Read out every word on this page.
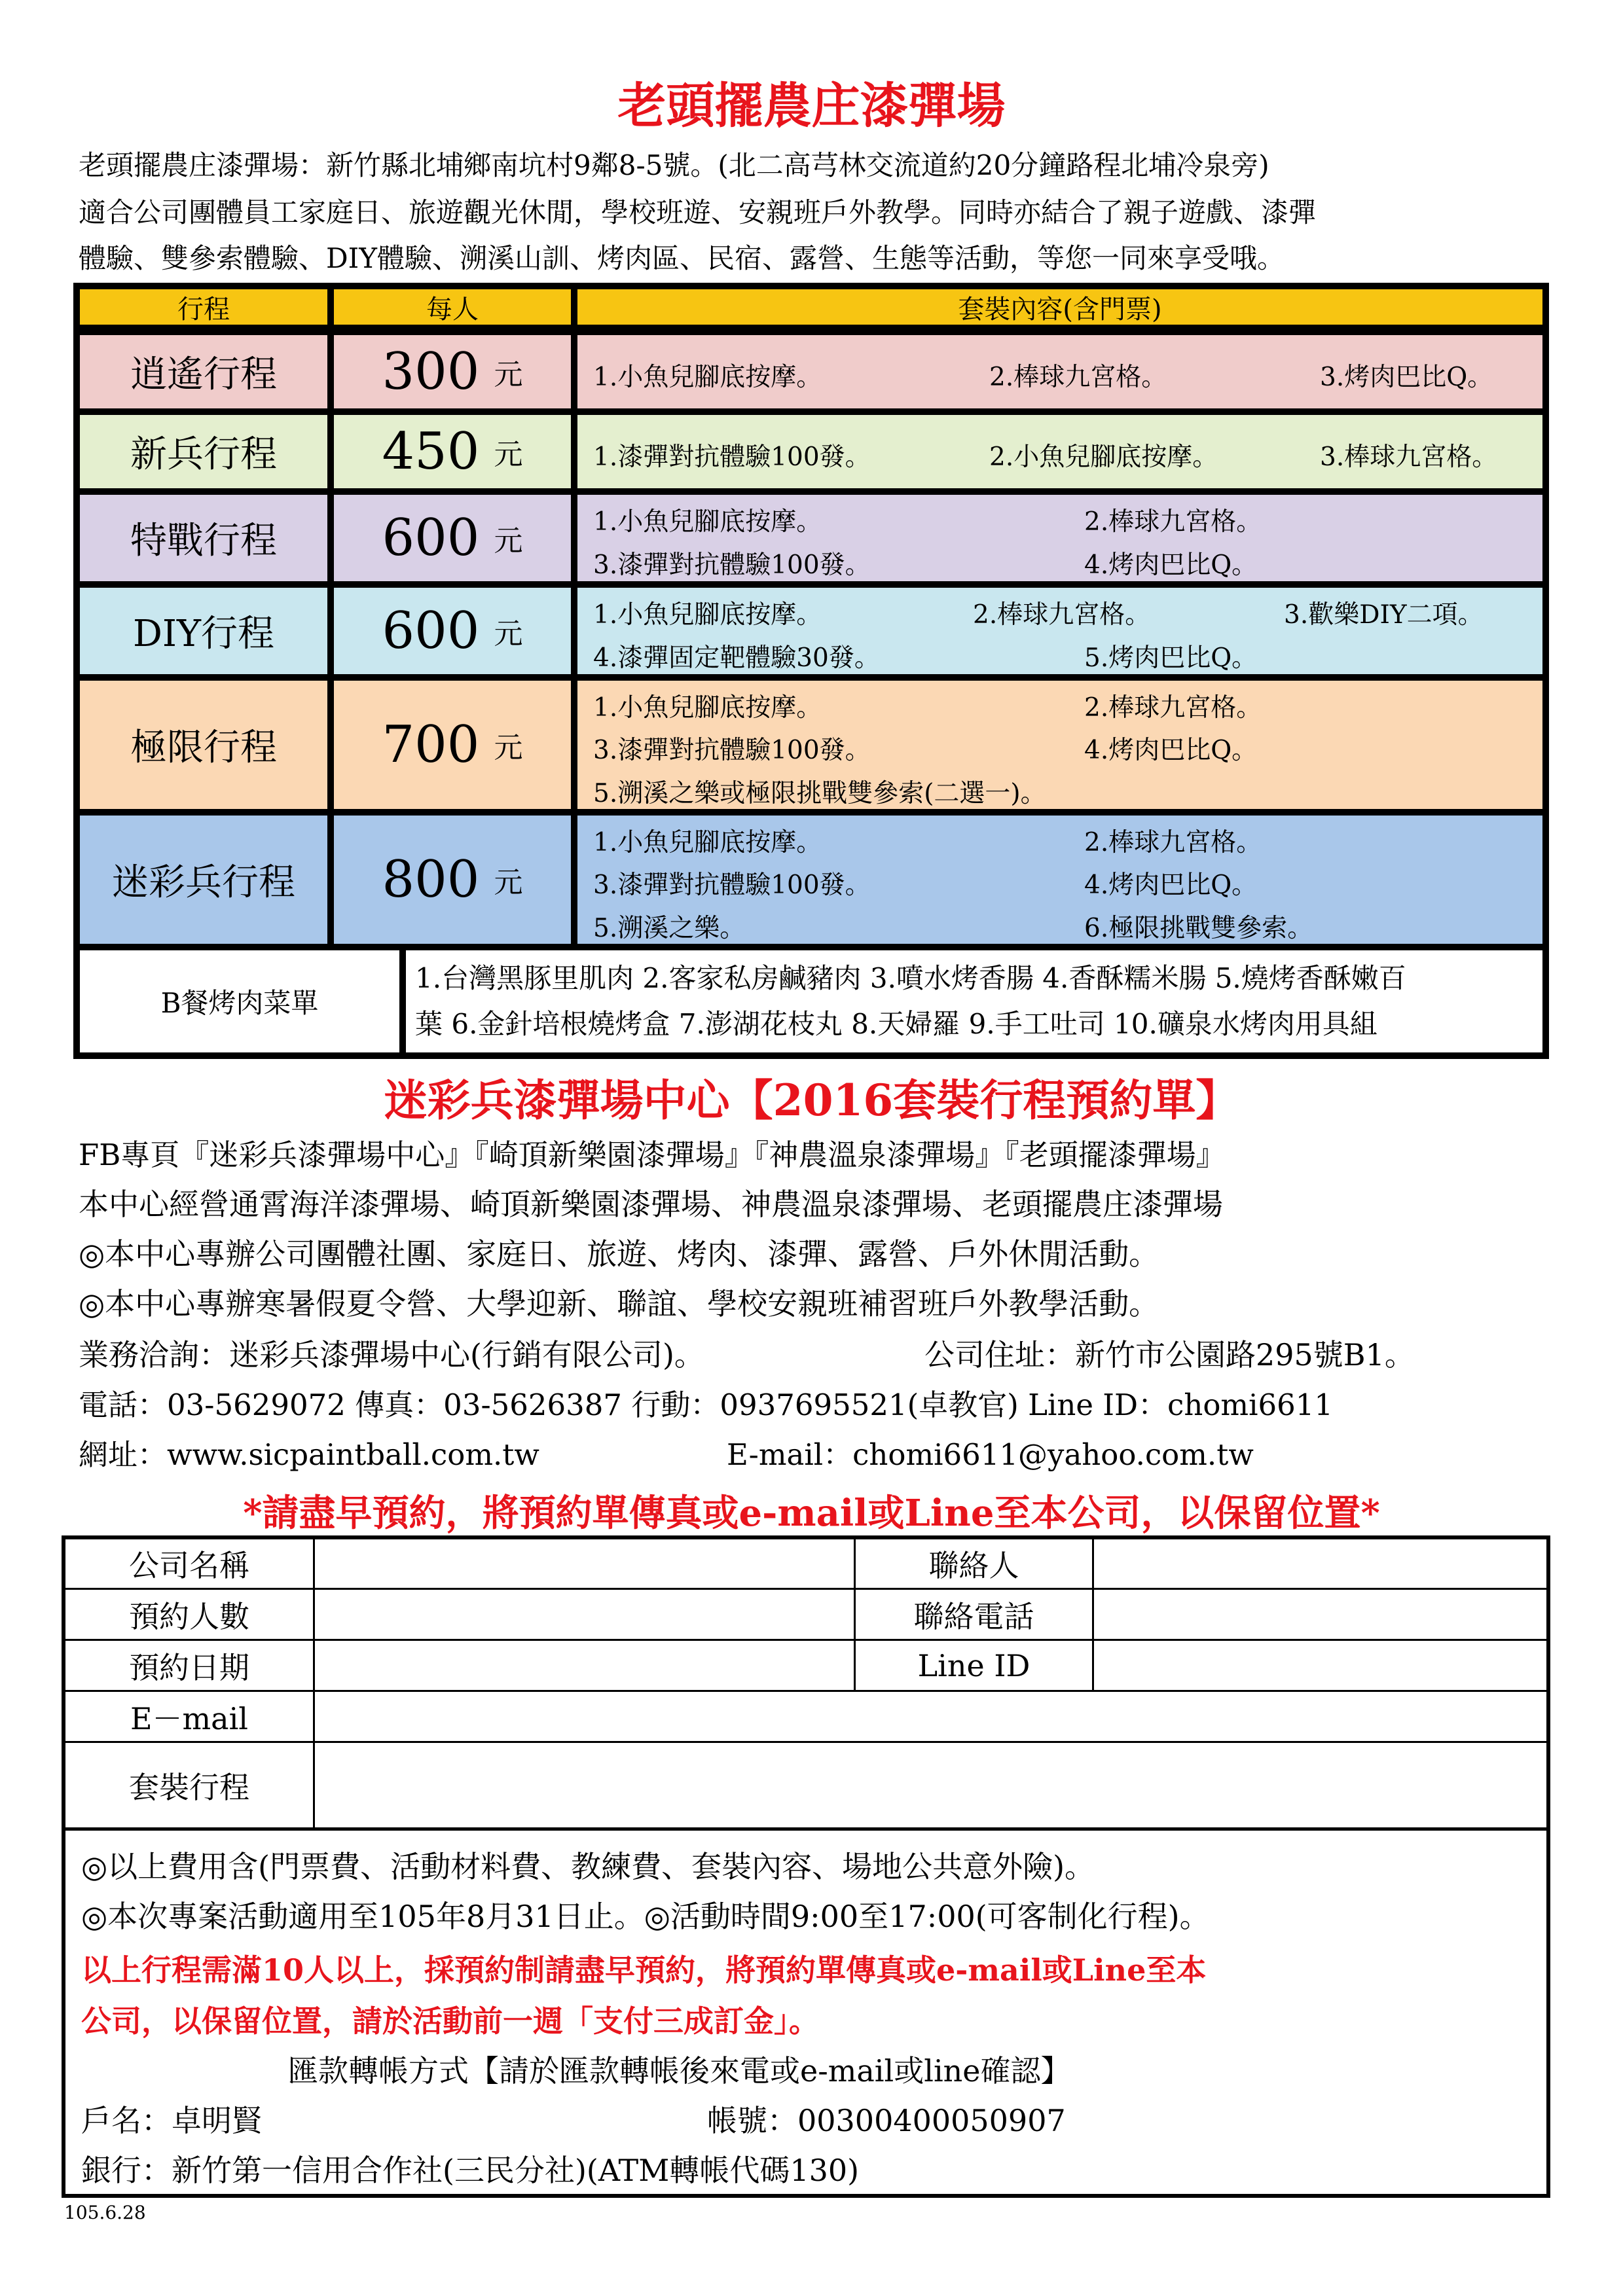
老頭擺農庄漆彈場
老頭擺農庄漆彈場：新竹縣北埔鄉南坑村9鄰8-5號。(北二高芎林交流道約20分鐘路程北埔冷泉旁)
適合公司團體員工家庭日、旅遊觀光休閒，學校班遊、安親班戶外教學。同時亦結合了親子遊戲、漆彈
體驗、雙參索體驗、DIY體驗、溯溪山訓、烤肉區、民宿、露營、生態等活動，等您一同來享受哦。
行程	每人	套裝內容(含門票)
逍遙行程	300 元	1.小魚兒腳底按摩。	2.棒球九宮格。	3.烤肉巴比Q。
新兵行程	450 元	1.漆彈對抗體驗100發。	2.小魚兒腳底按摩。	3.棒球九宮格。
特戰行程	600 元
1.小魚兒腳底按摩。	2.棒球九宮格。
3.漆彈對抗體驗100發。	4.烤肉巴比Q。
DIY行程	600 元
1.小魚兒腳底按摩。	2.棒球九宮格。	3.歡樂DIY二項。
4.漆彈固定靶體驗30發。	5.烤肉巴比Q。
極限行程	700 元
1.小魚兒腳底按摩。	2.棒球九宮格。
3.漆彈對抗體驗100發。	4.烤肉巴比Q。
5.溯溪之樂或極限挑戰雙參索(二選一)。
迷彩兵行程	800 元
1.小魚兒腳底按摩。	2.棒球九宮格。
3.漆彈對抗體驗100發。	4.烤肉巴比Q。
5.溯溪之樂。	6.極限挑戰雙參索。
B餐烤肉菜單
1.台灣黑豚里肌肉 2.客家私房鹹豬肉 3.噴水烤香腸 4.香酥糯米腸 5.燒烤香酥嫩百
葉 6.金針培根燒烤盒 7.澎湖花枝丸 8.天婦羅 9.手工吐司 10.礦泉水烤肉用具組
迷彩兵漆彈場中心【2016套裝行程預約單】
FB專頁『迷彩兵漆彈場中心』『崎頂新樂園漆彈場』『神農溫泉漆彈場』『老頭擺漆彈場』
本中心經營通霄海洋漆彈場、崎頂新樂園漆彈場、神農溫泉漆彈場、老頭擺農庄漆彈場
◎本中心專辦公司團體社團、家庭日、旅遊、烤肉、漆彈、露營、戶外休閒活動。
◎本中心專辦寒暑假夏令營、大學迎新、聯誼、學校安親班補習班戶外教學活動。
業務洽詢：迷彩兵漆彈場中心(行銷有限公司)。	公司住址：新竹市公園路295號B1。
電話：03-5629072 傳真：03-5626387 行動：0937695521(卓教官) Line ID：chomi6611
網址：www.sicpaintball.com.tw	E-mail：chomi6611@yahoo.com.tw
*請盡早預約，將預約單傳真或e-mail或Line至本公司，以保留位置*
公司名稱	聯絡人
預約人數	聯絡電話
預約日期	Line ID
E－mail
套裝行程
◎以上費用含(門票費、活動材料費、教練費、套裝內容、場地公共意外險)。
◎本次專案活動適用至105年8月31日止。◎活動時間9:00至17:00(可客制化行程)。
以上行程需滿10人以上，採預約制請盡早預約，將預約單傳真或e-mail或Line至本
公司，以保留位置，請於活動前一週「支付三成訂金」。
匯款轉帳方式【請於匯款轉帳後來電或e-mail或line確認】
戶名：卓明賢	帳號：00300400050907
銀行：新竹第一信用合作社(三民分社)(ATM轉帳代碼130)
105.6.28
